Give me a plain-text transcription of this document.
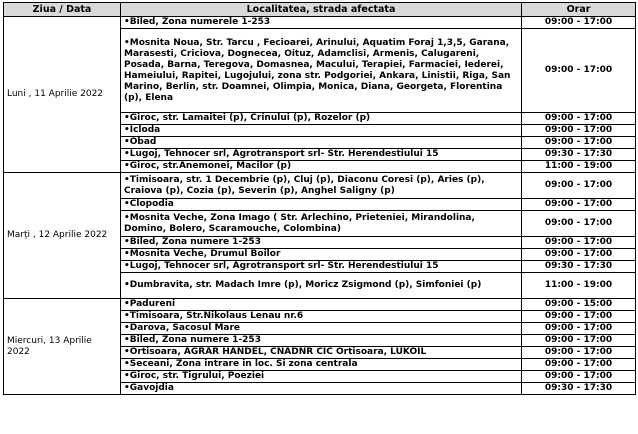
Ziua / Data	Localitatea, strada afectata	Orar
Luni , 11 Aprilie 2022	•Biled, Zona numerele 1-253	09:00 - 17:00
	•Mosnita Noua, Str. Tarcu , Fecioarei, Arinului, Aquatim Foraj 1,3,5, Garana, Marasesti, Criciova, Dognecea, Oituz, Adamclisi, Armenis, Calugareni, Posada, Barna, Teregova, Domasnea, Macului, Terapiei, Farmaciei, Iederei, Hameiului, Rapitei, Lugojului, zona str. Podgoriei, Ankara, Linistii, Riga, San Marino, Berlin, str. Doamnei, Olimpia, Monica, Diana, Georgeta, Florentina (p), Elena	09:00 - 17:00
	•Giroc, str. Lamaitei (p), Crinului (p), Rozelor (p)	09:00 - 17:00
	•Icloda	09:00 - 17:00
	•Obad	09:00 - 17:00
	•Lugoj, Tehnocer srl, Agrotransport srl- Str. Herendestiului 15	09:30 - 17:30
	•Giroc, str.Anemonei, Macilor (p)	11:00 - 19:00
Marți , 12 Aprilie 2022	•Timisoara, str. 1 Decembrie (p), Cluj (p), Diaconu Coresi (p), Aries (p), Craiova (p), Cozia (p), Severin (p), Anghel Saligny (p)	09:00 - 17:00
	•Clopodia	09:00 - 17:00
	•Mosnita Veche, Zona Imago ( Str. Arlechino, Prieteniei, Mirandolina, Domino, Bolero, Scaramouche, Colombina)	09:00 - 17:00
	•Biled, Zona numere 1-253	09:00 - 17:00
	•Mosnita Veche, Drumul Boilor	09:00 - 17:00
	•Lugoj, Tehnocer srl, Agrotransport srl- Str. Herendestiului 15	09:30 - 17:30
	•Dumbravita, str. Madach Imre (p), Moricz Zsigmond (p), Simfoniei (p)	11:00 - 19:00
Miercuri, 13 Aprilie 2022	•Padureni	09:00 - 15:00
	•Timisoara, Str.Nikolaus Lenau nr.6	09:00 - 17:00
	•Darova, Sacosul Mare	09:00 - 17:00
	•Biled, Zona numere 1-253	09:00 - 17:00
	•Ortisoara, AGRAR HANDEL, CNADNR CIC Ortisoara, LUKOIL	09:00 - 17:00
	•Seceani, Zona intrare in loc. Si zona centrala	09:00 - 17:00
	•Giroc, str. Tigrului, Poeziei	09:00 - 17:00
	•Gavojdia	09:30 - 17:30
